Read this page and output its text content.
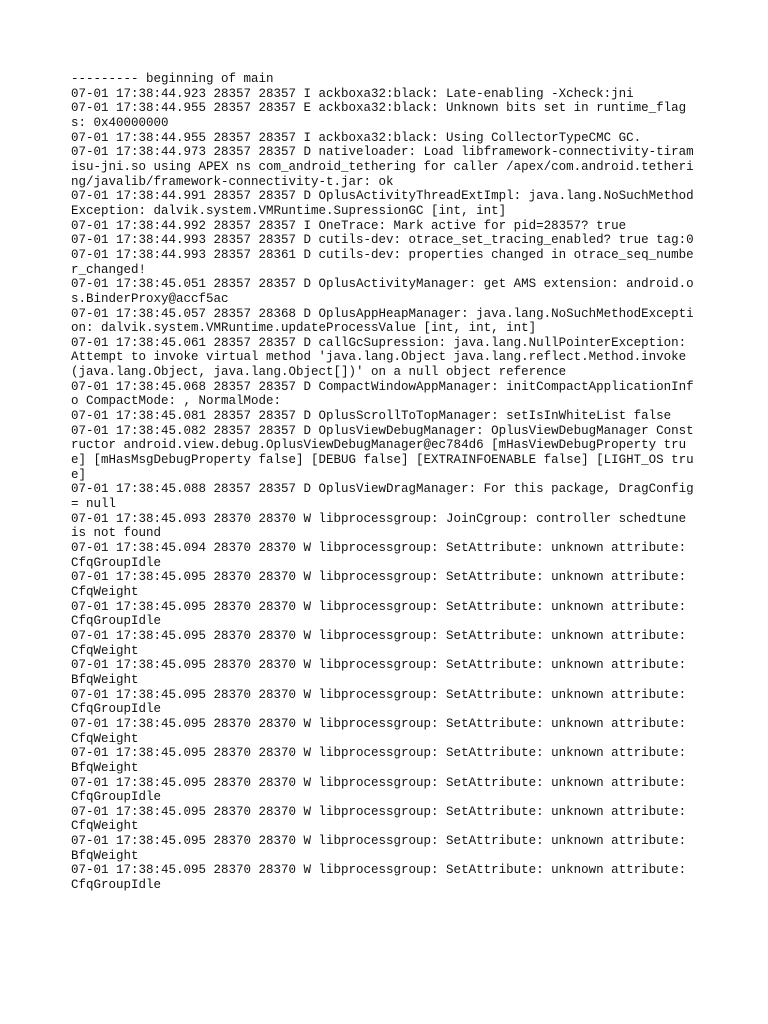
--------- beginning of main
07-01 17:38:44.923 28357 28357 I ackboxa32:black: Late-enabling -Xcheck:jni
07-01 17:38:44.955 28357 28357 E ackboxa32:black: Unknown bits set in runtime_flags: 0x40000000
07-01 17:38:44.955 28357 28357 I ackboxa32:black: Using CollectorTypeCMC GC.
07-01 17:38:44.973 28357 28357 D nativeloader: Load libframework-connectivity-tiramisu-jni.so using APEX ns com_android_tethering for caller /apex/com.android.tethering/javalib/framework-connectivity-t.jar: ok
07-01 17:38:44.991 28357 28357 D OplusActivityThreadExtImpl: java.lang.NoSuchMethodException: dalvik.system.VMRuntime.SupressionGC [int, int]
07-01 17:38:44.992 28357 28357 I OneTrace: Mark active for pid=28357? true
07-01 17:38:44.993 28357 28357 D cutils-dev: otrace_set_tracing_enabled? true tag:0
07-01 17:38:44.993 28357 28361 D cutils-dev: properties changed in otrace_seq_number_changed!
07-01 17:38:45.051 28357 28357 D OplusActivityManager: get AMS extension: android.os.BinderProxy@accf5ac
07-01 17:38:45.057 28357 28368 D OplusAppHeapManager: java.lang.NoSuchMethodException: dalvik.system.VMRuntime.updateProcessValue [int, int, int]
07-01 17:38:45.061 28357 28357 D callGcSupression: java.lang.NullPointerException: Attempt to invoke virtual method 'java.lang.Object java.lang.reflect.Method.invoke(java.lang.Object, java.lang.Object[])' on a null object reference
07-01 17:38:45.068 28357 28357 D CompactWindowAppManager: initCompactApplicationInfo CompactMode: , NormalMode:
07-01 17:38:45.081 28357 28357 D OplusScrollToTopManager: setIsInWhiteList false
07-01 17:38:45.082 28357 28357 D OplusViewDebugManager: OplusViewDebugManager Constructor android.view.debug.OplusViewDebugManager@ec784d6 [mHasViewDebugProperty true] [mHasMsgDebugProperty false] [DEBUG false] [EXTRAINFOENABLE false] [LIGHT_OS true]
07-01 17:38:45.088 28357 28357 D OplusViewDragManager: For this package, DragConfig = null
07-01 17:38:45.093 28370 28370 W libprocessgroup: JoinCgroup: controller schedtune is not found
07-01 17:38:45.094 28370 28370 W libprocessgroup: SetAttribute: unknown attribute: CfqGroupIdle
07-01 17:38:45.095 28370 28370 W libprocessgroup: SetAttribute: unknown attribute: CfqWeight
07-01 17:38:45.095 28370 28370 W libprocessgroup: SetAttribute: unknown attribute: CfqGroupIdle
07-01 17:38:45.095 28370 28370 W libprocessgroup: SetAttribute: unknown attribute: CfqWeight
07-01 17:38:45.095 28370 28370 W libprocessgroup: SetAttribute: unknown attribute: BfqWeight
07-01 17:38:45.095 28370 28370 W libprocessgroup: SetAttribute: unknown attribute: CfqGroupIdle
07-01 17:38:45.095 28370 28370 W libprocessgroup: SetAttribute: unknown attribute: CfqWeight
07-01 17:38:45.095 28370 28370 W libprocessgroup: SetAttribute: unknown attribute: BfqWeight
07-01 17:38:45.095 28370 28370 W libprocessgroup: SetAttribute: unknown attribute: CfqGroupIdle
07-01 17:38:45.095 28370 28370 W libprocessgroup: SetAttribute: unknown attribute: CfqWeight
07-01 17:38:45.095 28370 28370 W libprocessgroup: SetAttribute: unknown attribute: BfqWeight
07-01 17:38:45.095 28370 28370 W libprocessgroup: SetAttribute: unknown attribute: CfqGroupIdle
